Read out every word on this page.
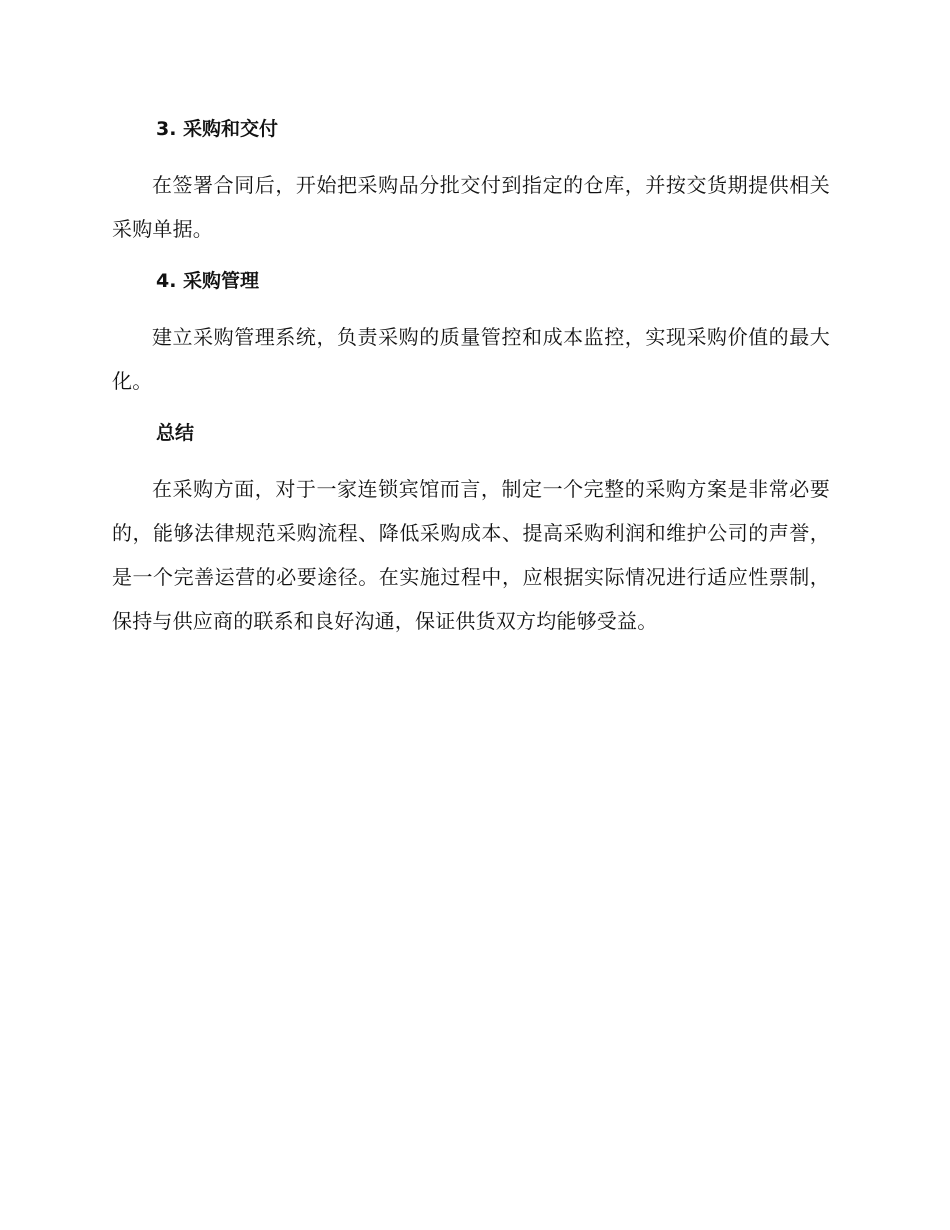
3. 采购和交付
在签署合同后，开始把采购品分批交付到指定的仓库，并按交货期提供相关采购单据。
4. 采购管理
建立采购管理系统，负责采购的质量管控和成本监控，实现采购价值的最大化。
总结
在采购方面，对于一家连锁宾馆而言，制定一个完整的采购方案是非常必要的，能够法律规范采购流程、降低采购成本、提高采购利润和维护公司的声誉，是一个完善运营的必要途径。在实施过程中，应根据实际情况进行适应性票制，保持与供应商的联系和良好沟通，保证供货双方均能够受益。
